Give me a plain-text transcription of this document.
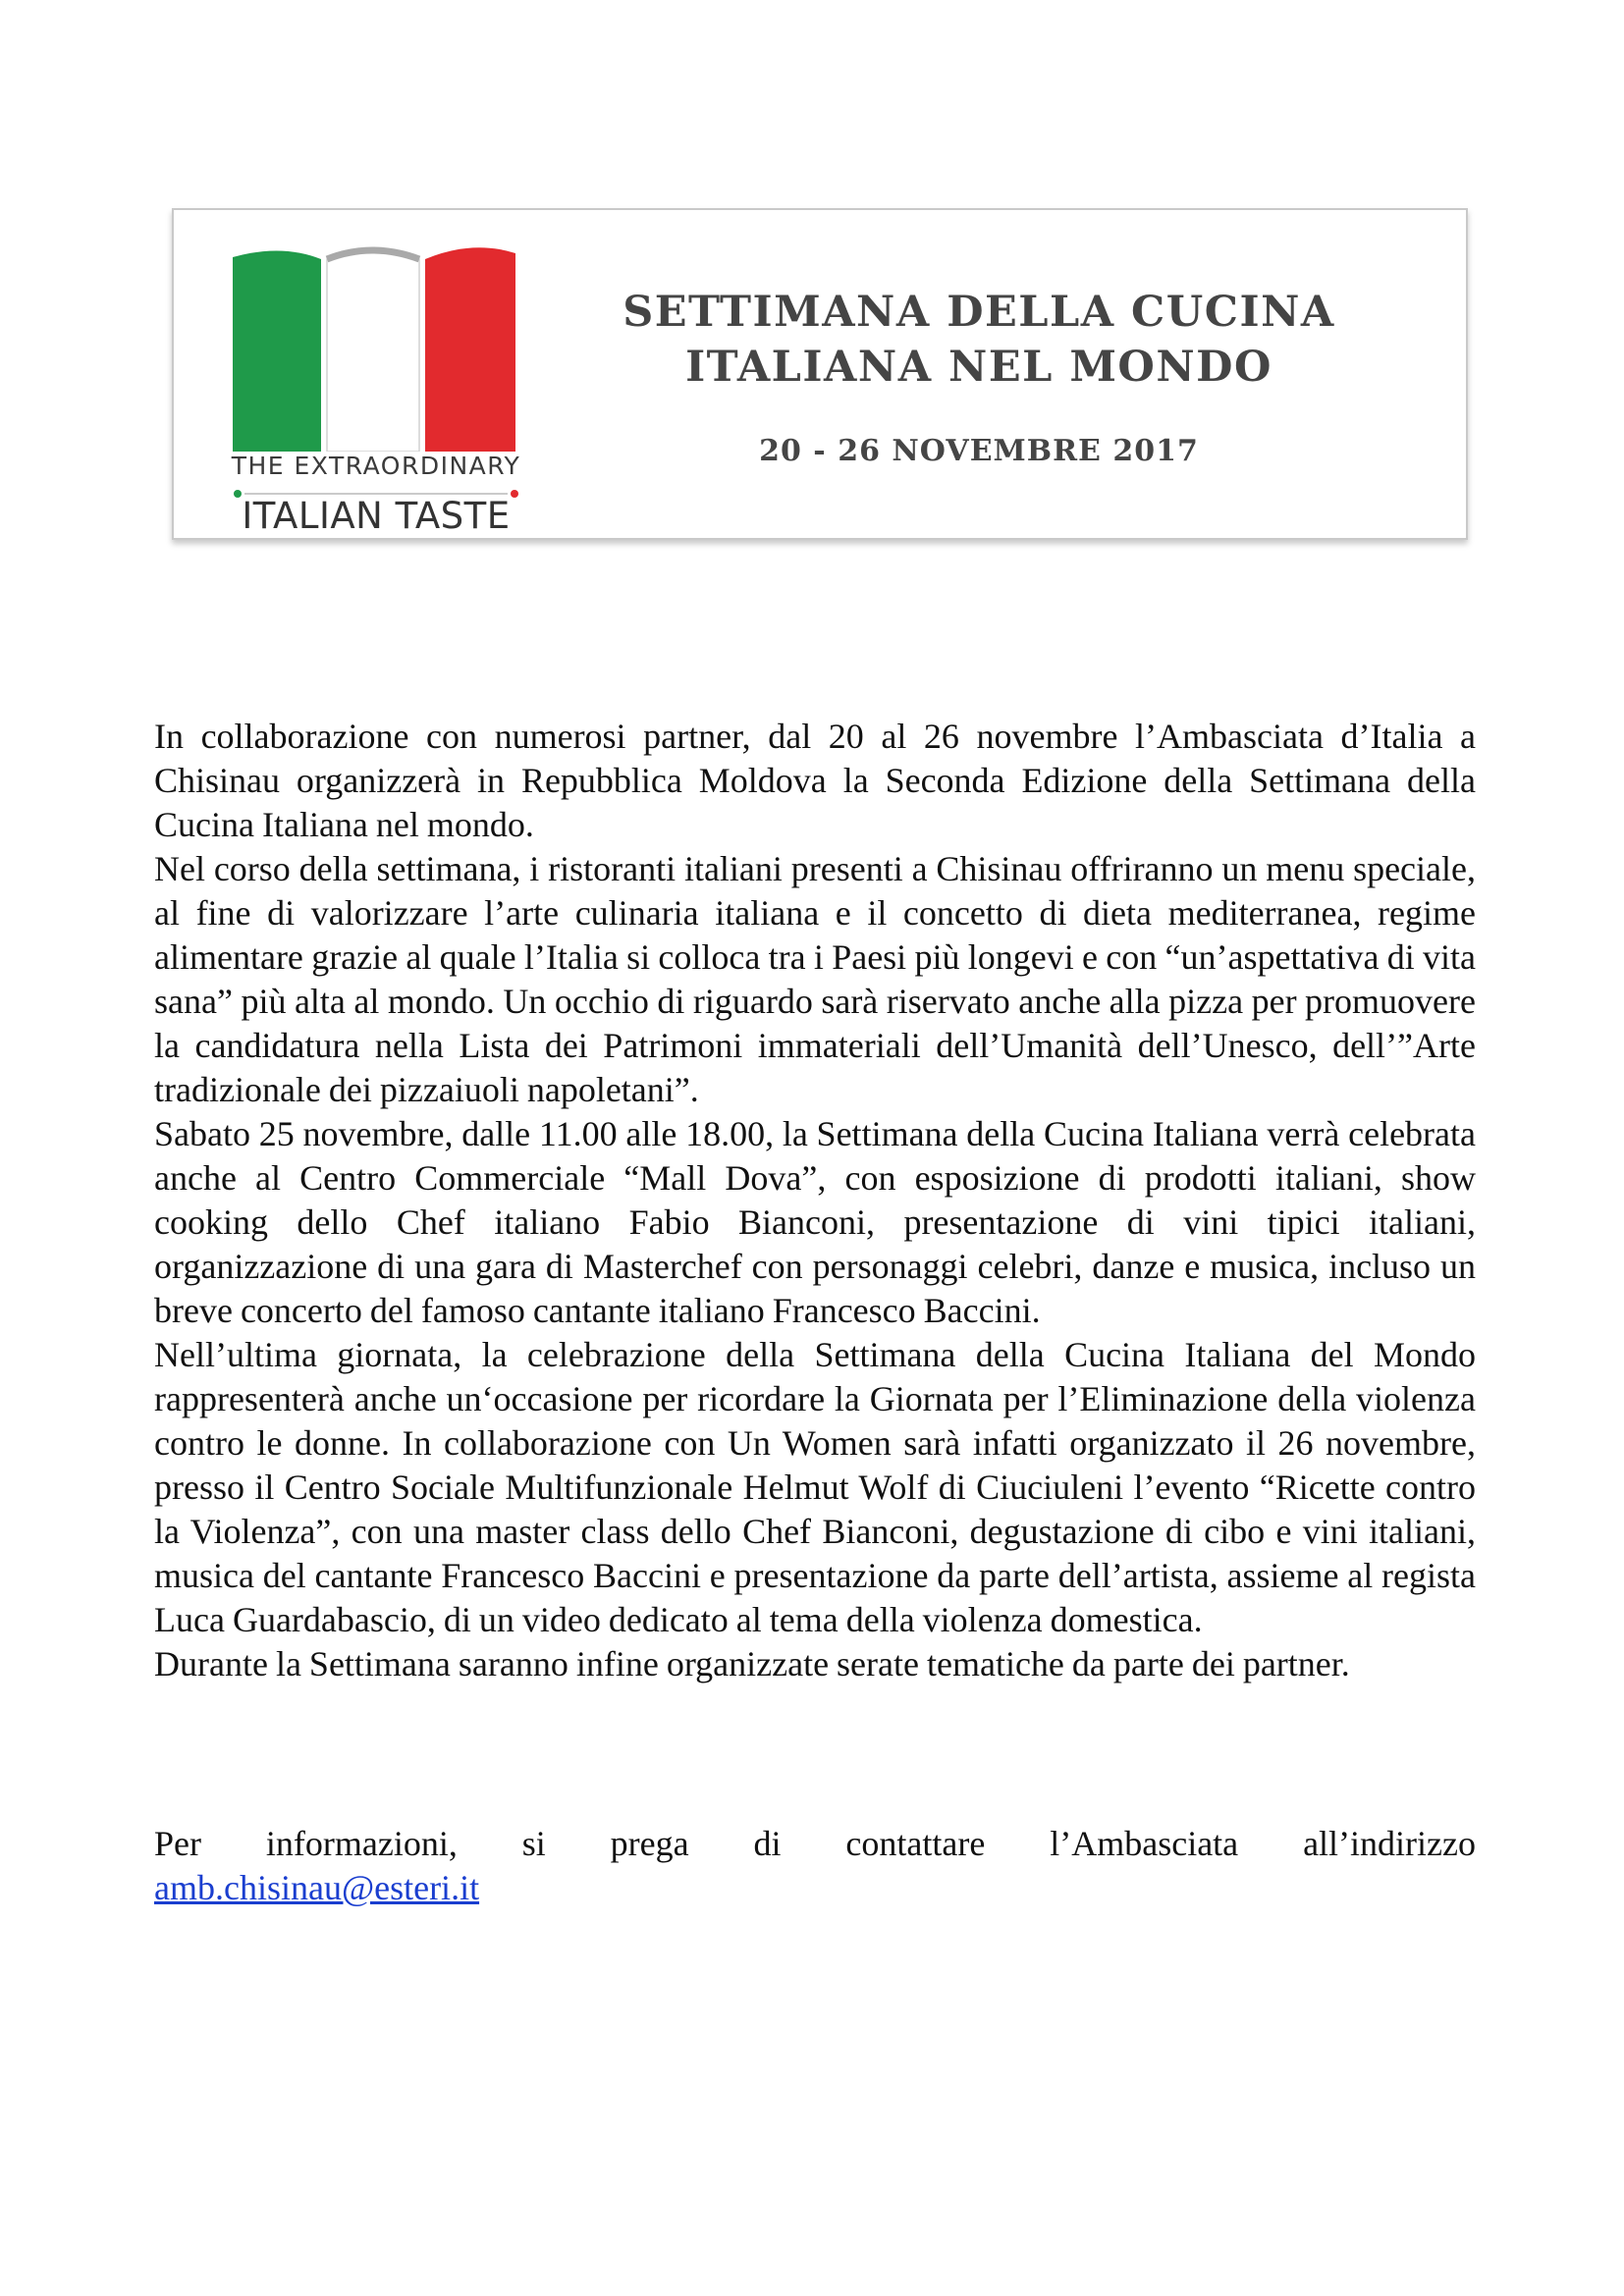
THE EXTRAORDINARY
ITALIAN TASTE
SETTIMANA DELLA CUCINA
ITALIANA NEL MONDO
20 - 26 NOVEMBRE 2017

In collaborazione con numerosi partner, dal 20 al 26 novembre l’Ambasciata d’Italia a Chisinau organizzerà in Repubblica Moldova la Seconda Edizione della Settimana della Cucina Italiana nel mondo.

Nel corso della settimana, i ristoranti italiani presenti a Chisinau offriranno un menu speciale, al fine di valorizzare l’arte culinaria italiana e il concetto di dieta mediterranea, regime alimentare grazie al quale l’Italia si colloca tra i Paesi più longevi e con “un’aspettativa di vita sana” più alta al mondo. Un occhio di riguardo sarà riservato anche alla pizza per promuovere la candidatura nella Lista dei Patrimoni immateriali dell’Umanità dell’Unesco, dell’”Arte tradizionale dei pizzaiuoli napoletani”.

Sabato 25 novembre, dalle 11.00 alle 18.00, la Settimana della Cucina Italiana verrà celebrata anche al Centro Commerciale “Mall Dova”, con esposizione di prodotti italiani, show cooking dello Chef italiano Fabio Bianconi, presentazione di vini tipici italiani, organizzazione di una gara di Masterchef con personaggi celebri, danze e musica, incluso un breve concerto del famoso cantante italiano Francesco Baccini.

Nell’ultima giornata, la celebrazione della Settimana della Cucina Italiana del Mondo rappresenterà anche un‘occasione per ricordare la Giornata per l’Eliminazione della violenza contro le donne. In collaborazione con Un Women sarà infatti organizzato il 26 novembre, presso il Centro Sociale Multifunzionale Helmut Wolf di Ciuciuleni l’evento “Ricette contro la Violenza”, con una master class dello Chef Bianconi, degustazione di cibo e vini italiani, musica del cantante Francesco Baccini e presentazione da parte dell’artista, assieme al regista Luca Guardabascio, di un video dedicato al tema della violenza domestica.

Durante la Settimana saranno infine organizzate serate tematiche da parte dei partner.

Per informazioni, si prega di contattare l’Ambasciata all’indirizzo
amb.chisinau@esteri.it
